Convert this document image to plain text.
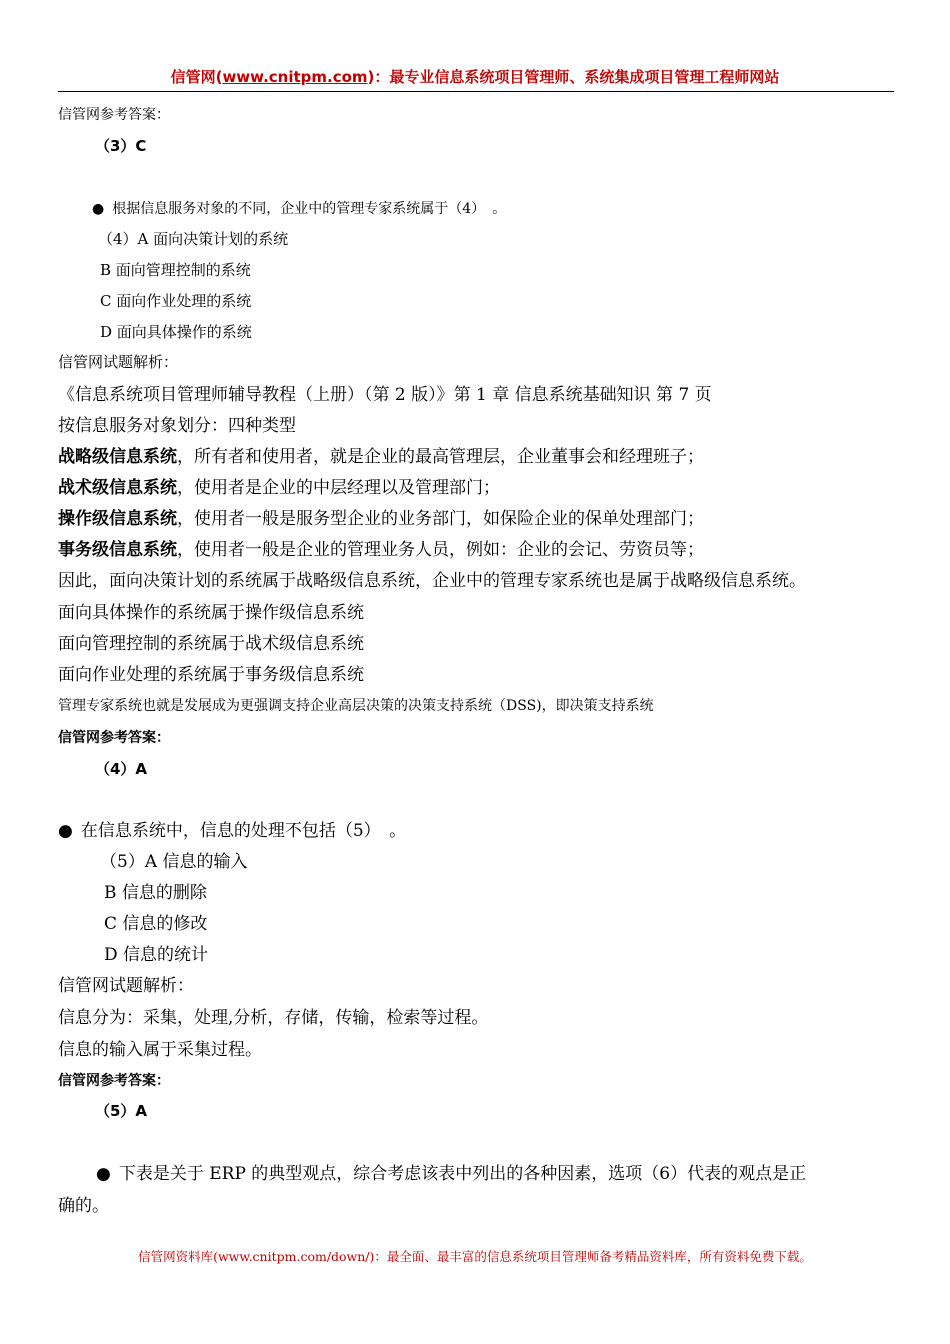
信管网(www.cnitpm.com)：最专业信息系统项目管理师、系统集成项目管理工程师网站
信管网参考答案：
（3）C
● 根据信息服务对象的不同，企业中的管理专家系统属于（4）　。
（4）A 面向决策计划的系统
B 面向管理控制的系统
C 面向作业处理的系统
D 面向具体操作的系统
信管网试题解析：
《信息系统项目管理师辅导教程（上册）（第 2 版）》第 1 章 信息系统基础知识 第 7 页
按信息服务对象划分：四种类型
战略级信息系统，所有者和使用者，就是企业的最高管理层，企业董事会和经理班子；
战术级信息系统，使用者是企业的中层经理以及管理部门；
操作级信息系统，使用者一般是服务型企业的业务部门，如保险企业的保单处理部门；
事务级信息系统，使用者一般是企业的管理业务人员，例如：企业的会记、劳资员等；
因此，面向决策计划的系统属于战略级信息系统，企业中的管理专家系统也是属于战略级信息系统。
面向具体操作的系统属于操作级信息系统
面向管理控制的系统属于战术级信息系统
面向作业处理的系统属于事务级信息系统
管理专家系统也就是发展成为更强调支持企业高层决策的决策支持系统（DSS)，即决策支持系统
信管网参考答案：
（4）A
● 在信息系统中，信息的处理不包括（5）　。
（5）A 信息的输入
B 信息的删除
C 信息的修改
D 信息的统计
信管网试题解析：
信息分为：采集，处理,分析，存储，传输，检索等过程。
信息的输入属于采集过程。
信管网参考答案：
（5）A
● 下表是关于 ERP 的典型观点，综合考虑该表中列出的各种因素，选项（6）代表的观点是正
确的。
信管网资料库(www.cnitpm.com/down/)：最全面、最丰富的信息系统项目管理师备考精品资料库，所有资料免费下载。
